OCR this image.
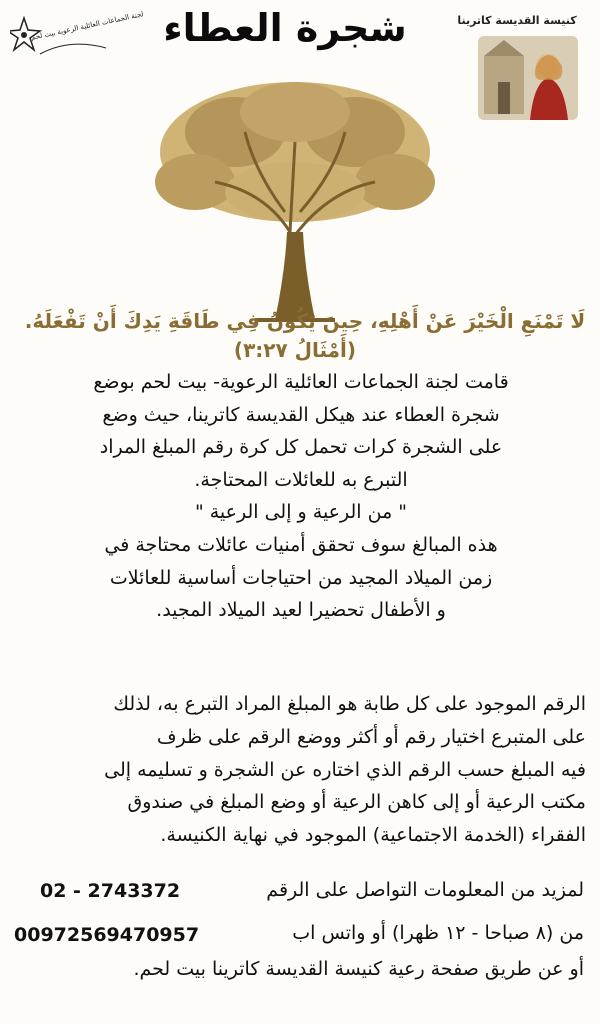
لجنة الجماعات العائلية الرعوية بيت لحم شجرة العطاء	كنيسة القديسة كاترينا
لَا تَمْنَعِ الْخَيْرَ عَنْ أَهْلِهِ، حِينَ يَكُونُ فِي طَاقَةِ يَدِكَ أَنْ تَفْعَلَهُ.
(أَمْثَالُ ٣:٢٧)
قامت لجنة الجماعات العائلية الرعوية- بيت لحم بوضع
شجرة العطاء عند هيكل القديسة كاترينا، حيث وضع
على الشجرة كرات تحمل كل كرة رقم المبلغ المراد
التبرع به للعائلات المحتاجة.
" من الرعية و إلى الرعية "
هذه المبالغ سوف تحقق أمنيات عائلات محتاجة في
زمن الميلاد المجيد من احتياجات أساسية للعائلات
و الأطفال تحضيرا لعيد الميلاد المجيد.
الرقم الموجود على كل طابة هو المبلغ المراد التبرع به، لذلك
على المتبرع اختيار رقم أو أكثر ووضع الرقم على ظرف
فيه المبلغ حسب الرقم الذي اختاره عن الشجرة و تسليمه إلى
مكتب الرعية أو إلى كاهن الرعية أو وضع المبلغ في صندوق
الفقراء (الخدمة الاجتماعية) الموجود في نهاية الكنيسة.
لمزيد من المعلومات التواصل على الرقم
02 - 2743372
من (٨ صباحا - ١٢ ظهرا) أو واتس اب
00972569470957
أو عن طريق صفحة رعية كنيسة القديسة كاترينا بيت لحم.
